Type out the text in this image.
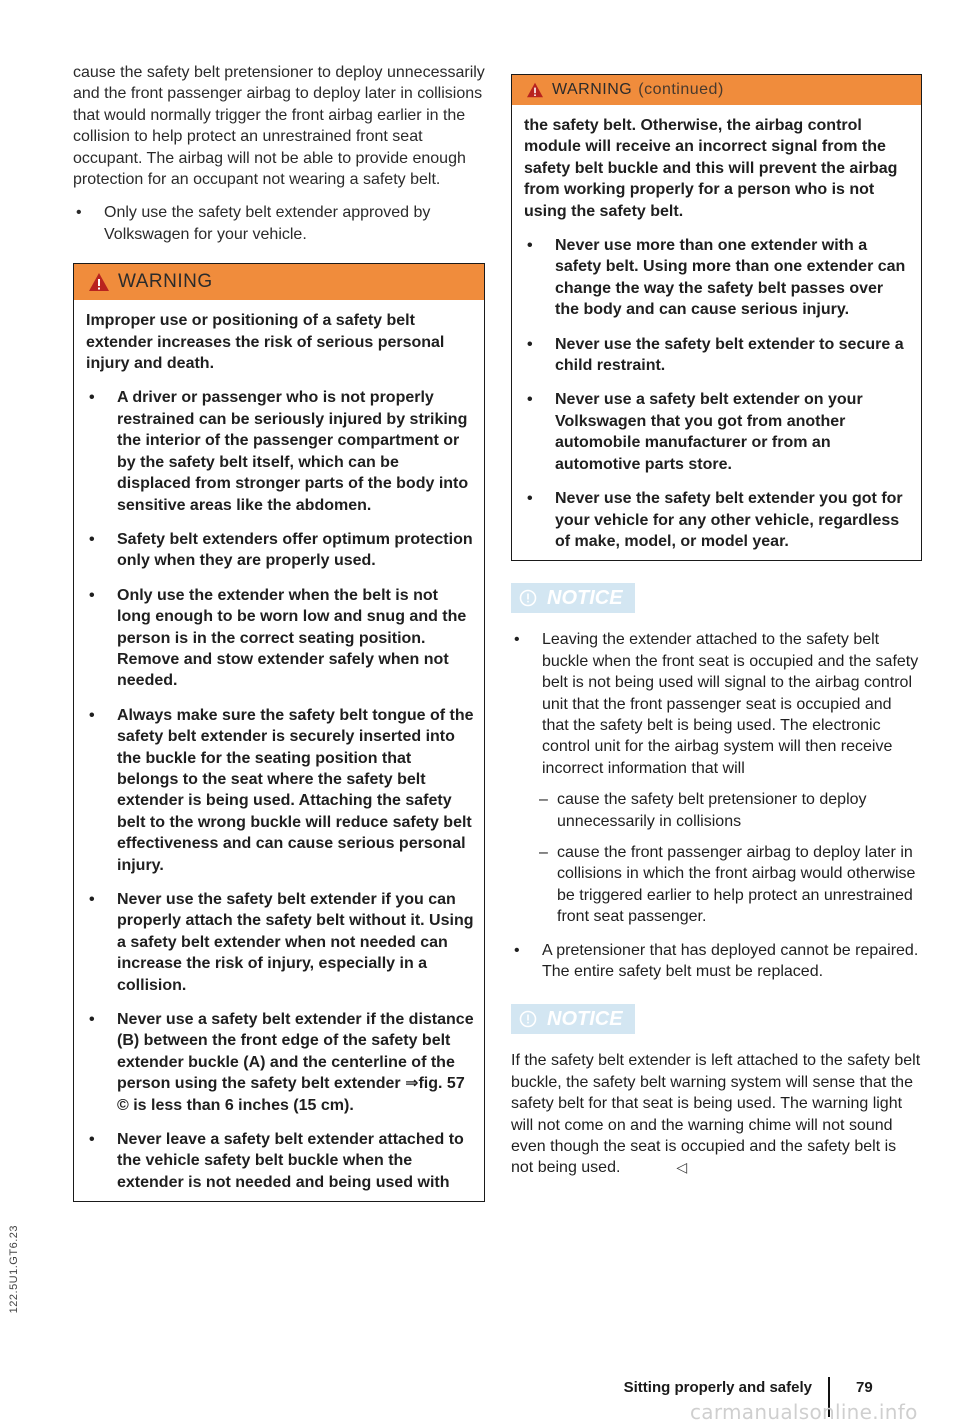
122.5U1.GT6.23

cause the safety belt pretensioner to deploy unnecessarily and the front passenger airbag to deploy later in collisions that would normally trigger the front airbag earlier in the collision to help protect an unrestrained front seat occupant. The airbag will not be able to provide enough protection for an occupant not wearing a safety belt.

•	Only use the safety belt extender approved by Volkswagen for your vehicle.
WARNING

Improper use or positioning of a safety belt extender increases the risk of serious personal injury and death.

•	A driver or passenger who is not properly restrained can be seriously injured by striking the interior of the passenger compartment or by the safety belt itself, which can be displaced from stronger parts of the body into sensitive areas like the abdomen.
•	Safety belt extenders offer optimum protection only when they are properly used.
•	Only use the extender when the belt is not long enough to be worn low and snug and the person is in the correct seating position. Remove and stow extender safely when not needed.
•	Always make sure the safety belt tongue of the safety belt extender is securely inserted into the buckle for the seating position that belongs to the seat where the safety belt extender is being used. Attaching the safety belt to the wrong buckle will reduce safety belt effectiveness and can cause serious personal injury.
•	Never use the safety belt extender if you can properly attach the safety belt without it. Using a safety belt extender when not needed can increase the risk of injury, especially in a collision.
•	Never use a safety belt extender if the distance (B) between the front edge of the safety belt extender buckle (A) and the centerline of the person using the safety belt extender ⇒fig. 57 © is less than 6 inches (15 cm).
•	Never leave a safety belt extender attached to the vehicle safety belt buckle when the extender is not needed and being used with
WARNING (continued)

the safety belt. Otherwise, the airbag control module will receive an incorrect signal from the safety belt buckle and this will prevent the airbag from working properly for a person who is not using the safety belt.

•	Never use more than one extender with a safety belt. Using more than one extender can change the way the safety belt passes over the body and can cause serious injury.
•	Never use the safety belt extender to secure a child restraint.
•	Never use a safety belt extender on your Volkswagen that you got from another automobile manufacturer or from an automotive parts store.
•	Never use the safety belt extender you got for your vehicle for any other vehicle, regardless of make, model, or model year.
NOTICE
•	Leaving the extender attached to the safety belt buckle when the front seat is occupied and the safety belt is not being used will signal to the airbag control unit that the front passenger seat is occupied and that the safety belt is being used. The electronic control unit for the airbag system will then receive incorrect information that will
– cause the safety belt pretensioner to deploy unnecessarily in collisions
– cause the front passenger airbag to deploy later in collisions in which the front airbag would otherwise be triggered earlier to help protect an unrestrained front seat passenger.
•	A pretensioner that has deployed cannot be repaired. The entire safety belt must be replaced.
NOTICE

If the safety belt extender is left attached to the safety belt buckle, the safety belt warning system will sense that the safety belt for that seat is being used. The warning light will not come on and the warning chime will not sound even though the seat is occupied and the safety belt is not being used.	◁

Sitting properly and safely	79
carmanualsonline.info
